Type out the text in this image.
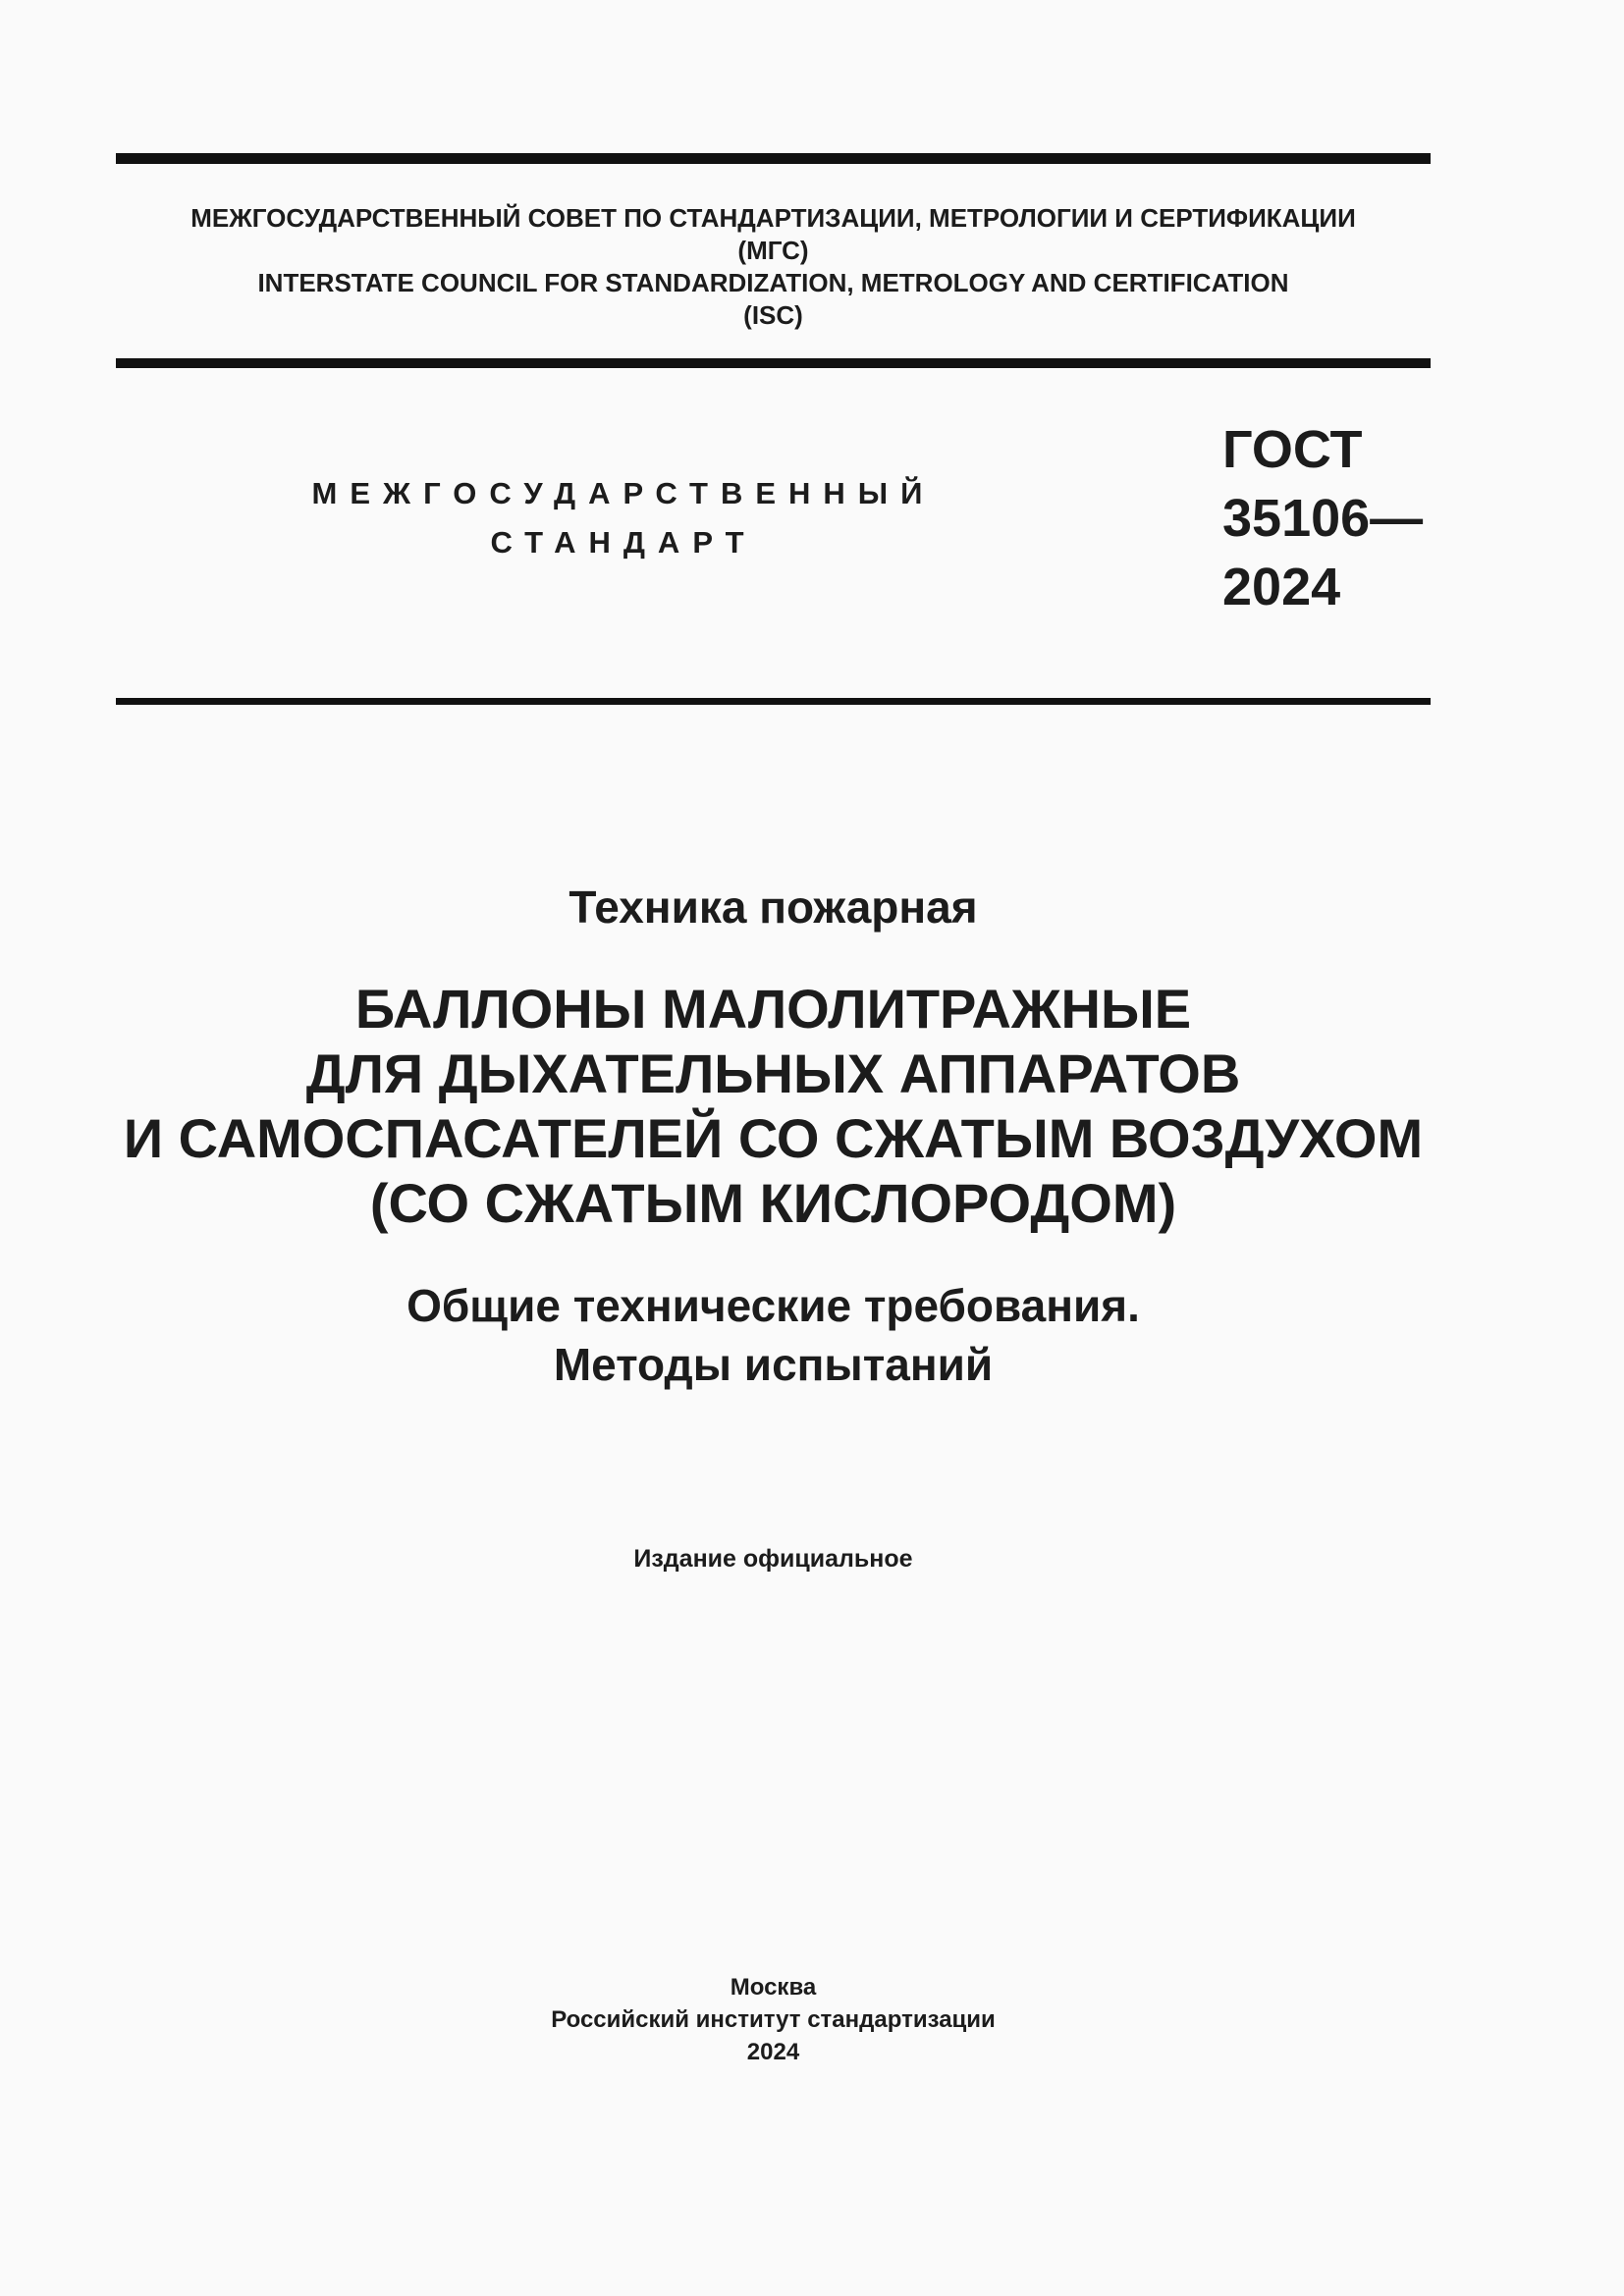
МЕЖГОСУДАРСТВЕННЫЙ СОВЕТ ПО СТАНДАРТИЗАЦИИ, МЕТРОЛОГИИ И СЕРТИФИКАЦИИ
(МГС)
INTERSTATE COUNCIL FOR STANDARDIZATION, METROLOGY AND CERTIFICATION
(ISC)
МЕЖГОСУДАРСТВЕННЫЙ
СТАНДАРТ
ГОСТ
35106—
2024
Техника пожарная
БАЛЛОНЫ МАЛОЛИТРАЖНЫЕ
ДЛЯ ДЫХАТЕЛЬНЫХ АППАРАТОВ
И САМОСПАСАТЕЛЕЙ СО СЖАТЫМ ВОЗДУХОМ
(СО СЖАТЫМ КИСЛОРОДОМ)
Общие технические требования.
Методы испытаний
Издание официальное
Москва
Российский институт стандартизации
2024
